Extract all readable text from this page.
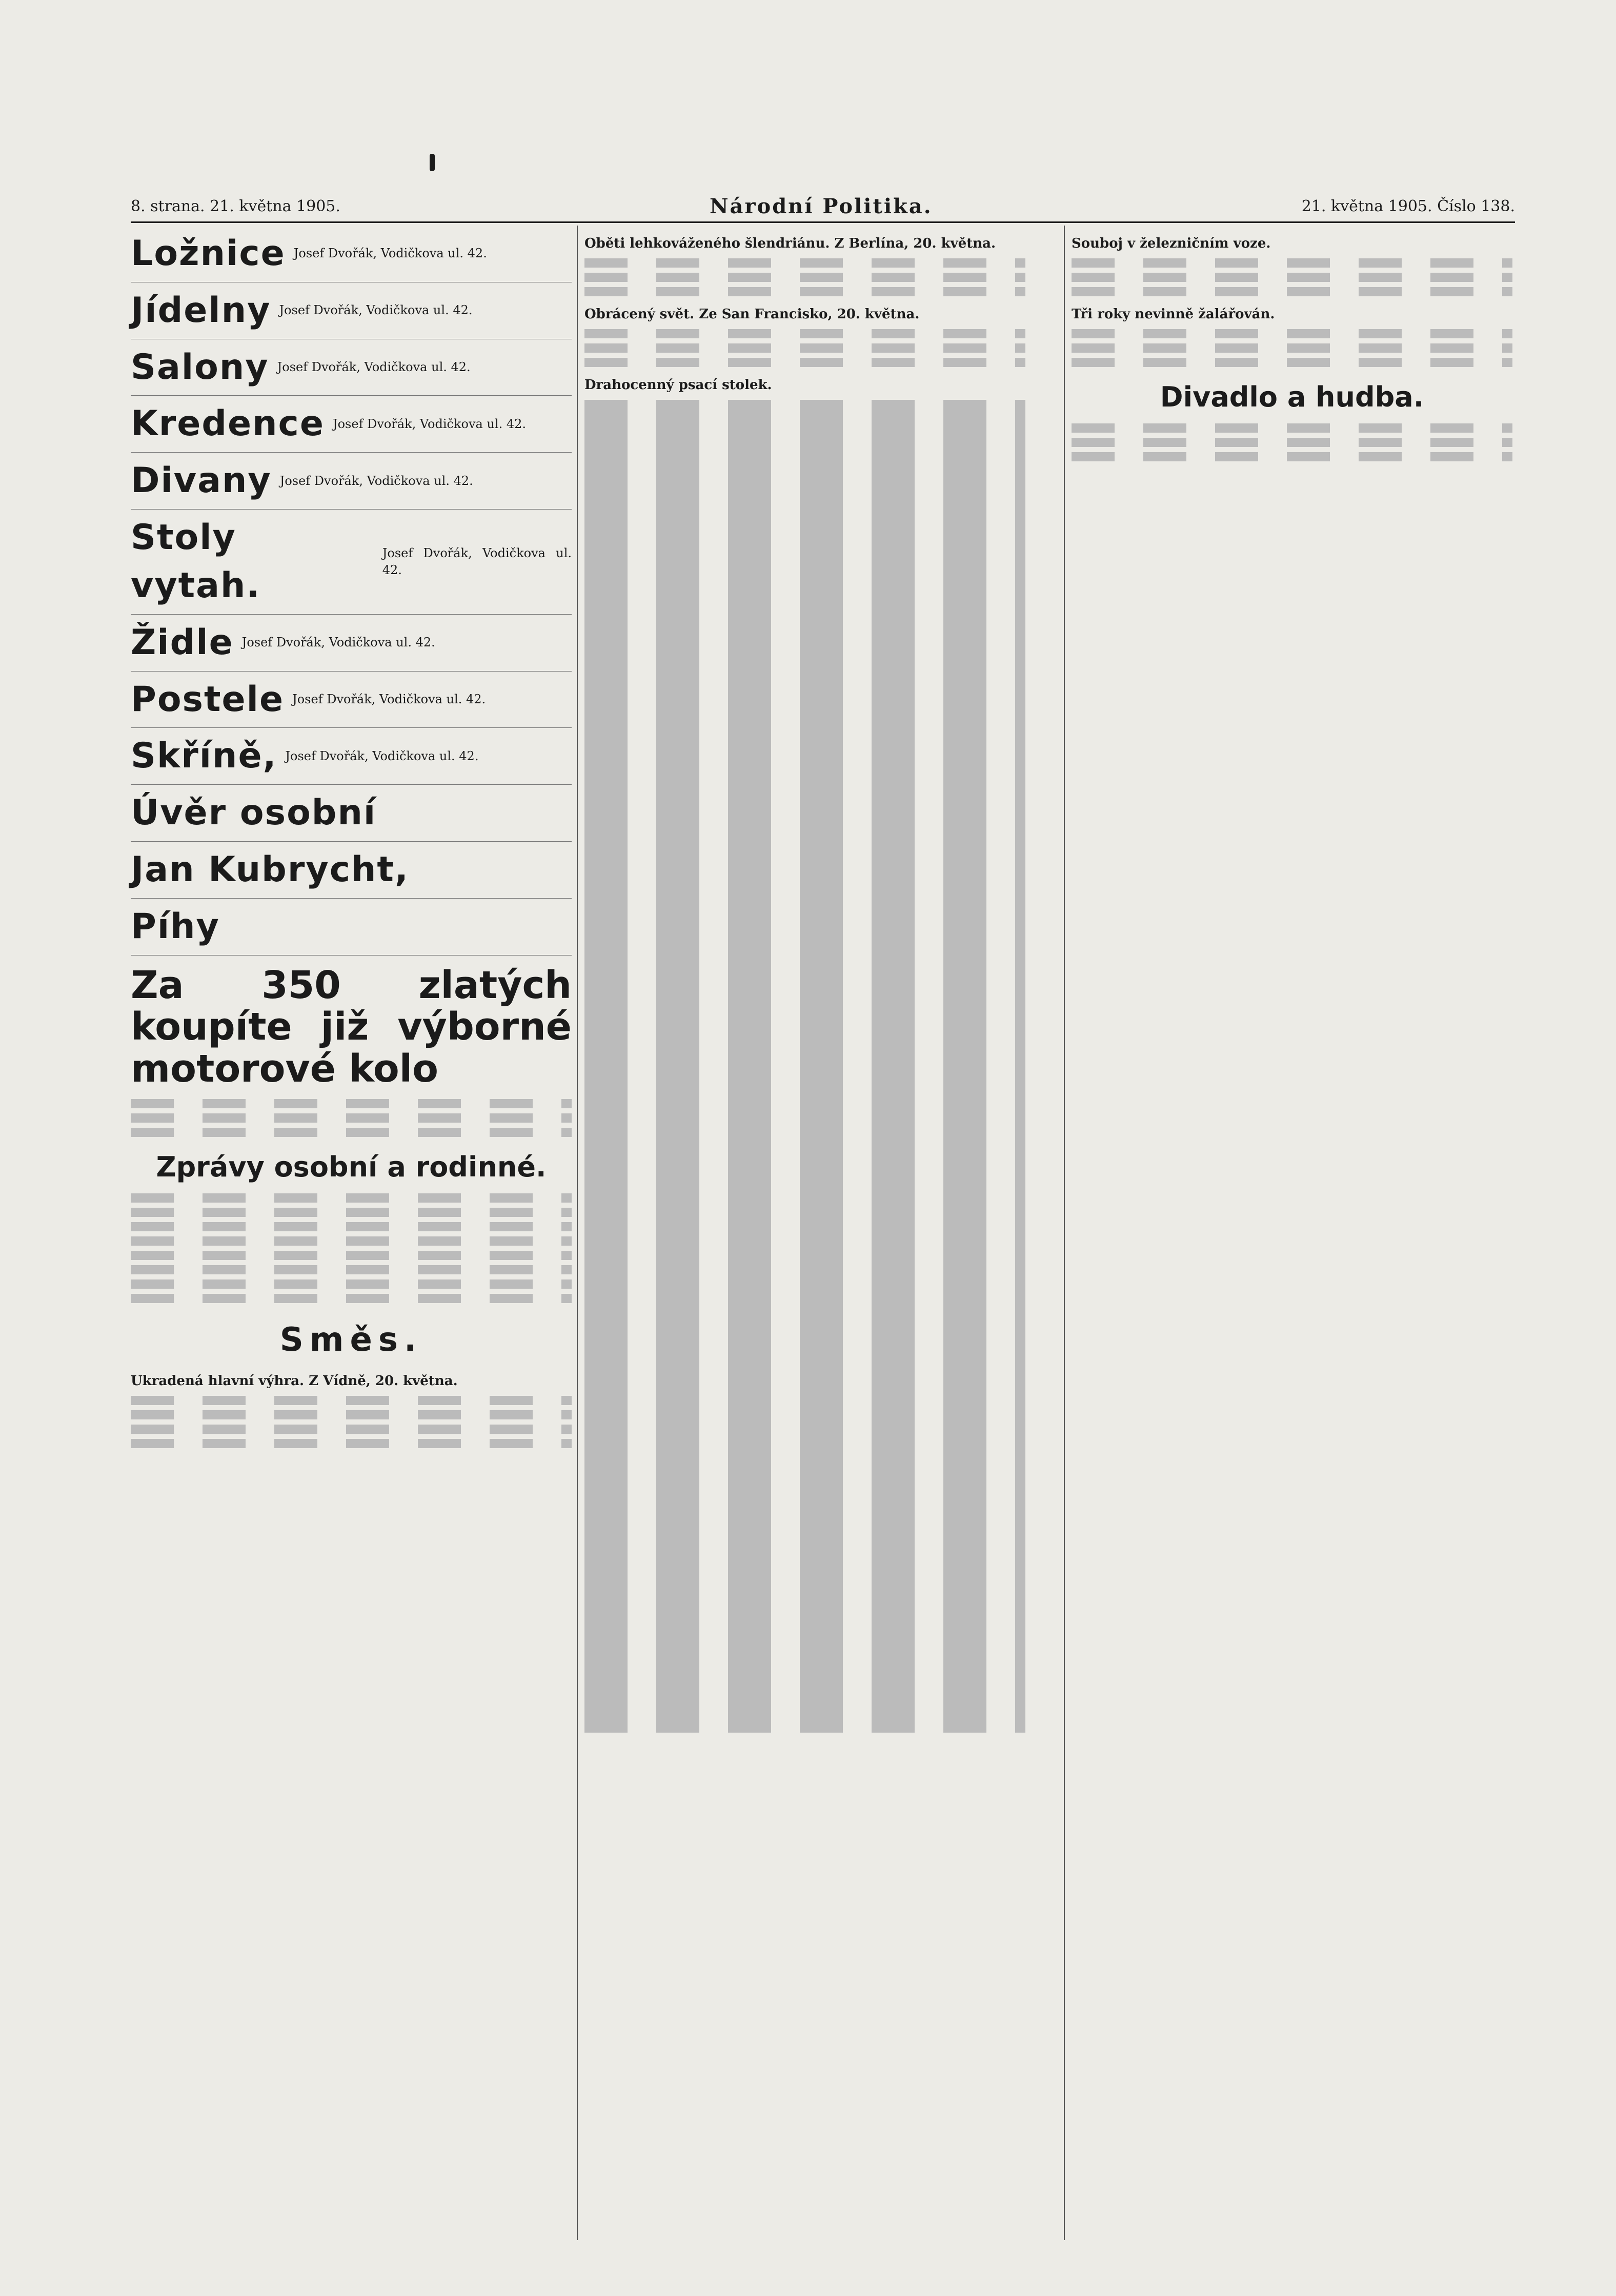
8. strana. 21. května 1905.	Národní Politika.	21. května 1905. Číslo 138.
Ložnice Josef Dvořák, Vodičkova ul. 42.
Jídelny Josef Dvořák, Vodičkova ul. 42.
Salony Josef Dvořák, Vodičkova ul. 42.
Kredence Josef Dvořák, Vodičkova ul. 42.
Divany Josef Dvořák, Vodičkova ul. 42.
Stoly vytah.
Josef Dvořák, Vodičkova ul. 42.
Židle Josef Dvořák, Vodičkova ul. 42.
Postele Josef Dvořák, Vodičkova ul. 42.
Skříně, Josef Dvořák, Vodičkova ul. 42.
Úvěr osobní
Jan Kubrycht,
Píhy
Za 350 zlatých koupíte již výborné motorové kolo
Zprávy osobní a rodinné.
Směs.
Ukradená hlavní výhra. Z Vídně, 20. května.
Oběti lehkováženého šlendriánu. Z Berlína, 20. května.
Obrácený svět. Ze San Francisko, 20. května.
Drahocenný psací stolek.
Souboj v železničním voze.
Tři roky nevinně žalářován.
Divadlo a hudba.
